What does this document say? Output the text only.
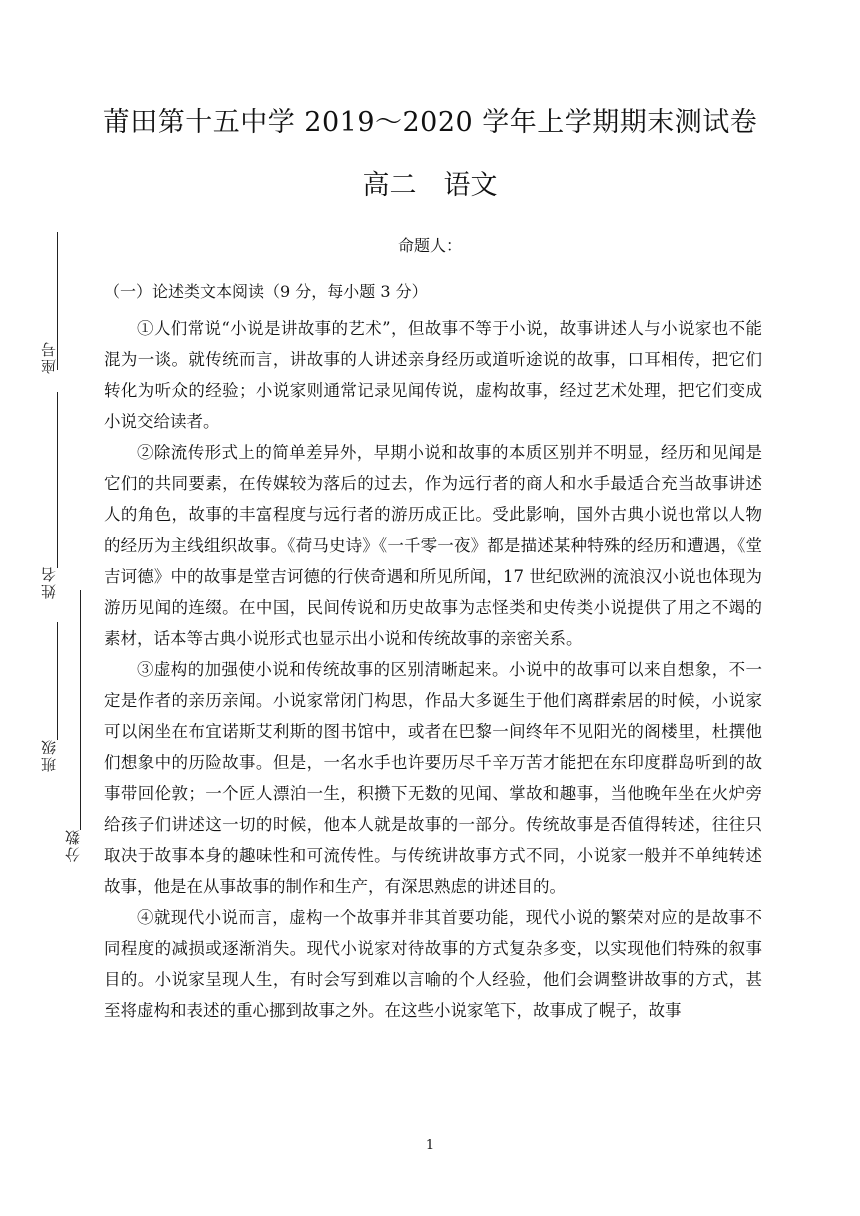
座号
姓名
班级
分数
莆田第十五中学 2019～2020 学年上学期期末测试卷
高二　语文
命题人：
（一）论述类文本阅读（9 分，每小题 3 分）

①人们常说“小说是讲故事的艺术”，但故事不等于小说，故事讲述人与小说家也不能混为一谈。就传统而言，讲故事的人讲述亲身经历或道听途说的故事，口耳相传，把它们转化为听众的经验；小说家则通常记录见闻传说，虚构故事，经过艺术处理，把它们变成小说交给读者。

②除流传形式上的简单差异外，早期小说和故事的本质区别并不明显，经历和见闻是它们的共同要素，在传媒较为落后的过去，作为远行者的商人和水手最适合充当故事讲述人的角色，故事的丰富程度与远行者的游历成正比。受此影响，国外古典小说也常以人物的经历为主线组织故事。《荷马史诗》《一千零一夜》都是描述某种特殊的经历和遭遇，《堂吉诃德》中的故事是堂吉诃德的行侠奇遇和所见所闻，17 世纪欧洲的流浪汉小说也体现为游历见闻的连缀。在中国，民间传说和历史故事为志怪类和史传类小说提供了用之不竭的素材，话本等古典小说形式也显示出小说和传统故事的亲密关系。

③虚构的加强使小说和传统故事的区别清晰起来。小说中的故事可以来自想象，不一定是作者的亲历亲闻。小说家常闭门构思，作品大多诞生于他们离群索居的时候，小说家可以闲坐在布宜诺斯艾利斯的图书馆中，或者在巴黎一间终年不见阳光的阁楼里，杜撰他们想象中的历险故事。但是，一名水手也许要历尽千辛万苦才能把在东印度群岛听到的故事带回伦敦；一个匠人漂泊一生，积攒下无数的见闻、掌故和趣事，当他晚年坐在火炉旁给孩子们讲述这一切的时候，他本人就是故事的一部分。传统故事是否值得转述，往往只取决于故事本身的趣味性和可流传性。与传统讲故事方式不同，小说家一般并不单纯转述故事，他是在从事故事的制作和生产，有深思熟虑的讲述目的。

④就现代小说而言，虚构一个故事并非其首要功能，现代小说的繁荣对应的是故事不同程度的减损或逐渐消失。现代小说家对待故事的方式复杂多变，以实现他们特殊的叙事目的。小说家呈现人生，有时会写到难以言喻的个人经验，他们会调整讲故事的方式，甚至将虚构和表述的重心挪到故事之外。在这些小说家笔下，故事成了幌子，故事

1
